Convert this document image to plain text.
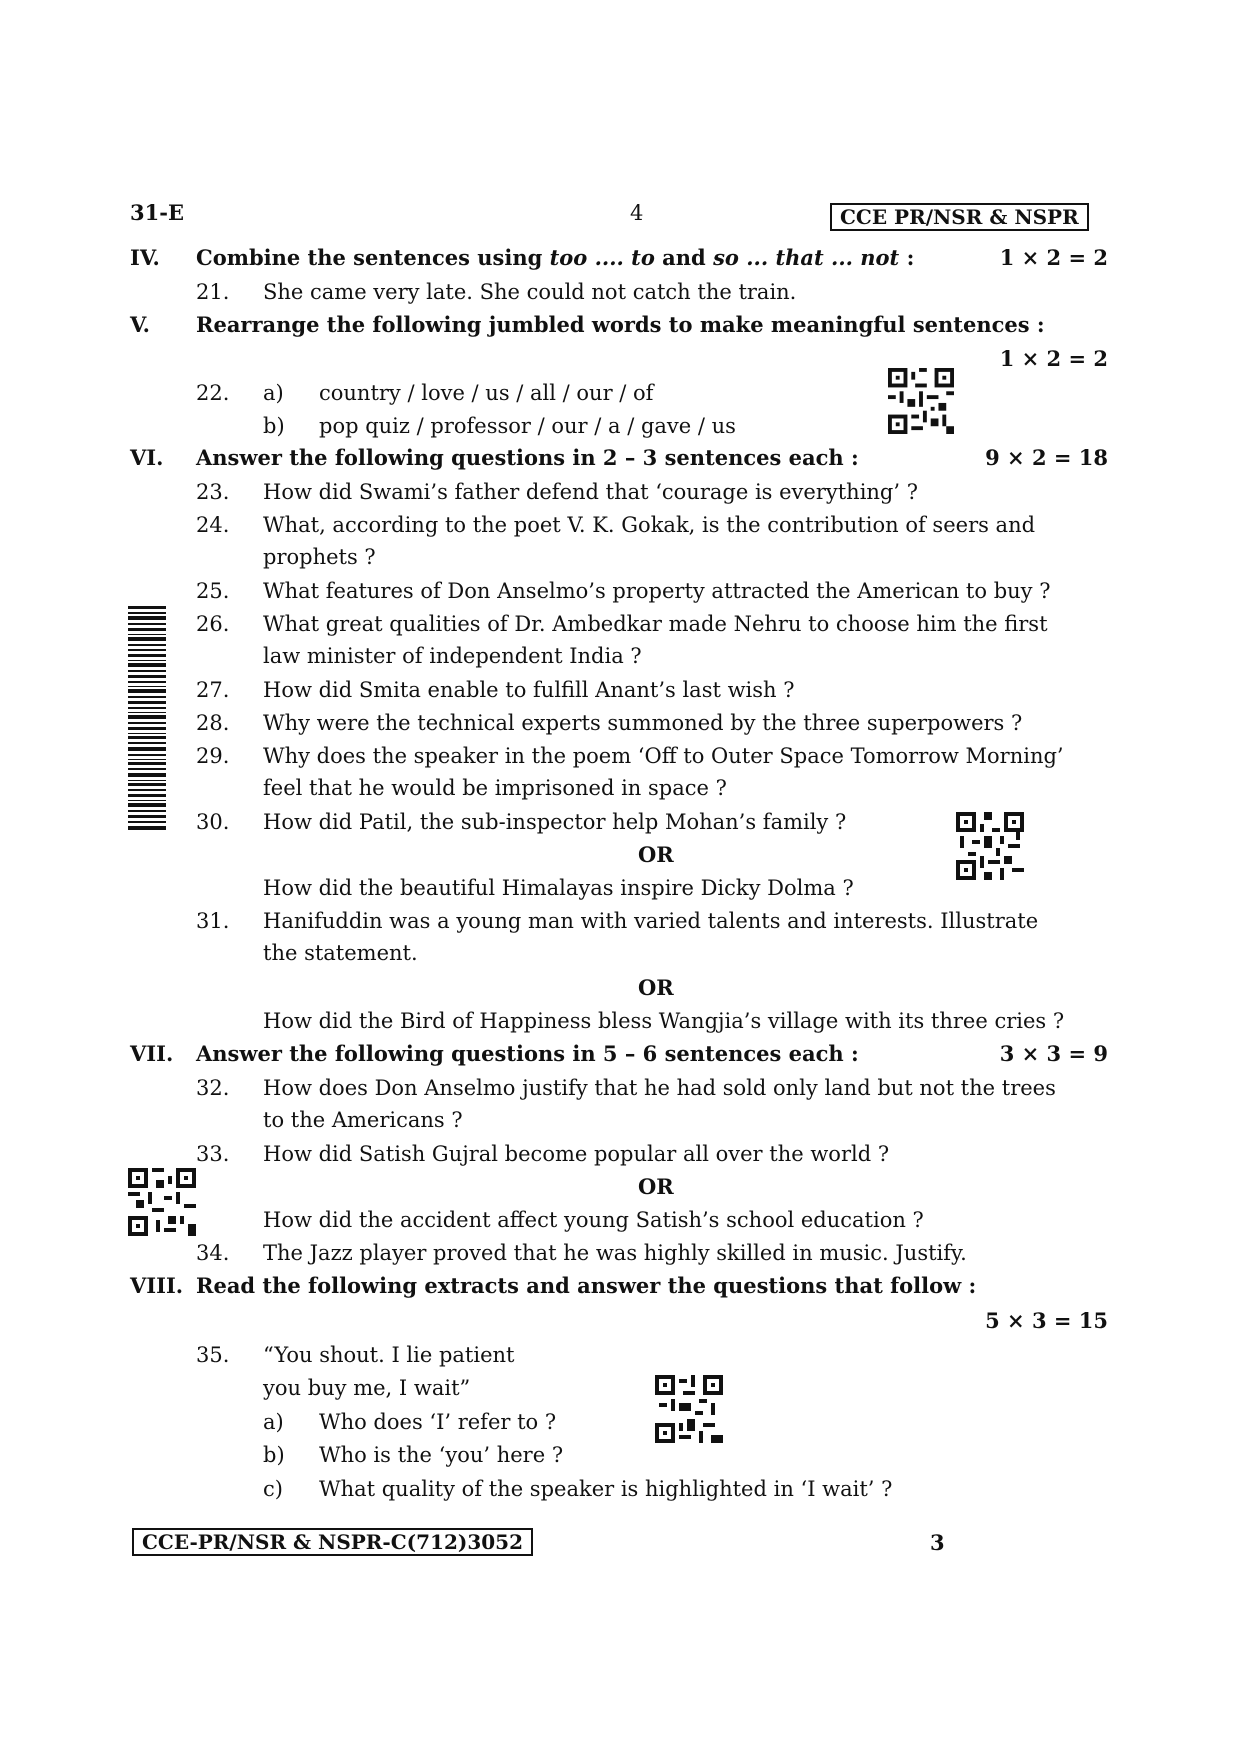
31-E	4	CCE PR/NSR & NSPR
IV. Combine the sentences using too .... to and so ... that ... not :	1 × 2 = 2
21. She came very late. She could not catch the train.
V. Rearrange the following jumbled words to make meaningful sentences :
1 × 2 = 2
22. a) country / love / us / all / our / of
b) pop quiz / professor / our / a / gave / us
VI. Answer the following questions in 2 – 3 sentences each :	9 × 2 = 18
23. How did Swami’s father defend that ‘courage is everything’ ?
24. What, according to the poet V. K. Gokak, is the contribution of seers and
prophets ?
25. What features of Don Anselmo’s property attracted the American to buy ?
26. What great qualities of Dr. Ambedkar made Nehru to choose him the first
law minister of independent India ?
27. How did Smita enable to fulfill Anant’s last wish ?
28. Why were the technical experts summoned by the three superpowers ?
29. Why does the speaker in the poem ‘Off to Outer Space Tomorrow Morning’
feel that he would be imprisoned in space ?
30. How did Patil, the sub-inspector help Mohan’s family ?
OR
How did the beautiful Himalayas inspire Dicky Dolma ?
31. Hanifuddin was a young man with varied talents and interests. Illustrate
the statement.
OR
How did the Bird of Happiness bless Wangjia’s village with its three cries ?
VII. Answer the following questions in 5 – 6 sentences each :	3 × 3 = 9
32. How does Don Anselmo justify that he had sold only land but not the trees
to the Americans ?
33. How did Satish Gujral become popular all over the world ?
OR
How did the accident affect young Satish’s school education ?
34. The Jazz player proved that he was highly skilled in music. Justify.
VIII. Read the following extracts and answer the questions that follow :
5 × 3 = 15
35. “You shout. I lie patient
you buy me, I wait”
a) Who does ‘I’ refer to ?
b) Who is the ‘you’ here ?
c) What quality of the speaker is highlighted in ‘I wait’ ?
CCE-PR/NSR & NSPR-C(712)3052	3
